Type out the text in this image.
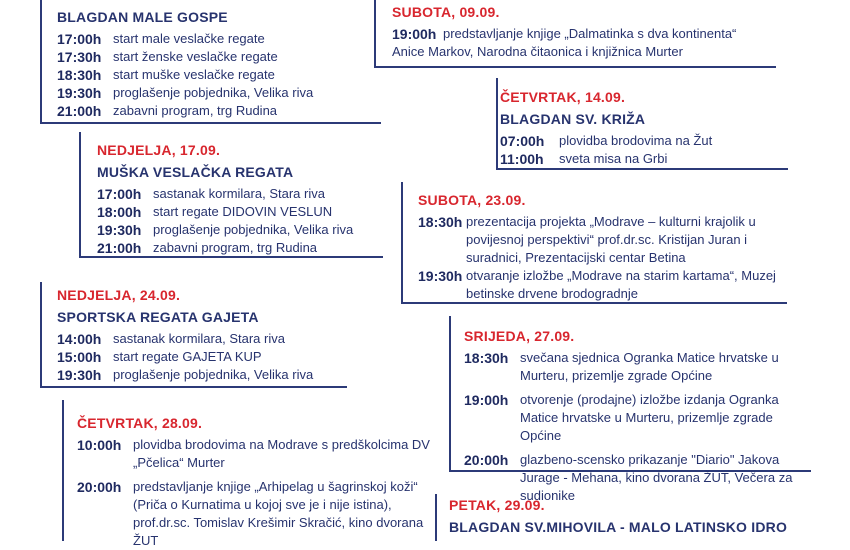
BLAGDAN MALE GOSPE
17:00h start male veslačke regate
17:30h start ženske veslačke regate
18:30h start muške veslačke regate
19:30h proglašenje pobjednika, Velika riva
21:00h zabavni program, trg Rudina
SUBOTA, 09.09.
19:00h predstavljanje knjige „Dalmatinka s dva kontinenta“
Anice Markov, Narodna čitaonica i knjižnica Murter
ČETVRTAK, 14.09.
BLAGDAN SV. KRIŽA
07:00h	plovidba brodovima na Žut
11:00h	sveta misa na Grbi
NEDJELJA, 17.09.
MUŠKA VESLAČKA REGATA
17:00h sastanak kormilara, Stara riva
18:00h start regate DIDOVIN VESLUN
19:30h proglašenje pobjednika, Velika riva
21:00h zabavni program, trg Rudina
SUBOTA, 23.09.
18:30h prezentacija projekta „Modrave – kulturni krajolik u povijesnoj perspektivi“ prof.dr.sc. Kristijan Juran i suradnici, Prezentacijski centar Betina
19:30h otvaranje izložbe „Modrave na starim kartama“, Muzej betinske drvene brodogradnje
NEDJELJA, 24.09.
SPORTSKA REGATA GAJETA
14:00h sastanak kormilara, Stara riva
15:00h start regate GAJETA KUP
19:30h proglašenje pobjednika, Velika riva
SRIJEDA, 27.09.
18:30h svečana sjednica Ogranka Matice hrvatske u Murteru, prizemlje zgrade Općine
19:00h otvorenje (prodajne) izložbe izdanja Ogranka Matice hrvatske u Murteru, prizemlje zgrade Općine
20:00h glazbeno-scensko prikazanje "Diario" Jakova Jurage - Mehana, kino dvorana ŽUT, Večera za sudionike
ČETVRTAK, 28.09.
10:00h plovidba brodovima na Modrave s predškolcima DV „Pčelica“ Murter
20:00h predstavljanje knjige „Arhipelag u šagrinskoj koži“ (Priča o Kurnatima u kojoj sve je i nije istina), prof.dr.sc. Tomislav Krešimir Skračić, kino dvorana ŽUT
PETAK, 29.09.
BLAGDAN SV.MIHOVILA - MALO LATINSKO IDRO
